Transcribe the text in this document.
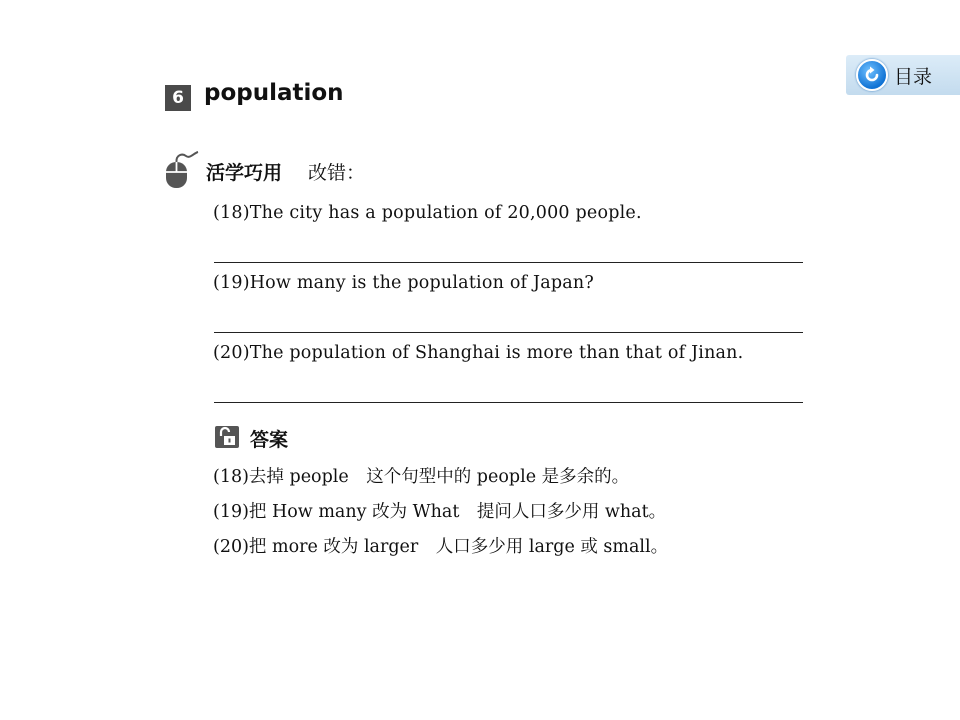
目录
6 population
活学巧用 改错：
(18)The city has a population of 20,000 people.
(19)How many is the population of Japan?
(20)The population of Shanghai is more than that of Jinan.
答案
(18)去掉 people　这个句型中的 people 是多余的。
(19)把 How many 改为 What　提问人口多少用 what。
(20)把 more 改为 larger　人口多少用 large 或 small。
